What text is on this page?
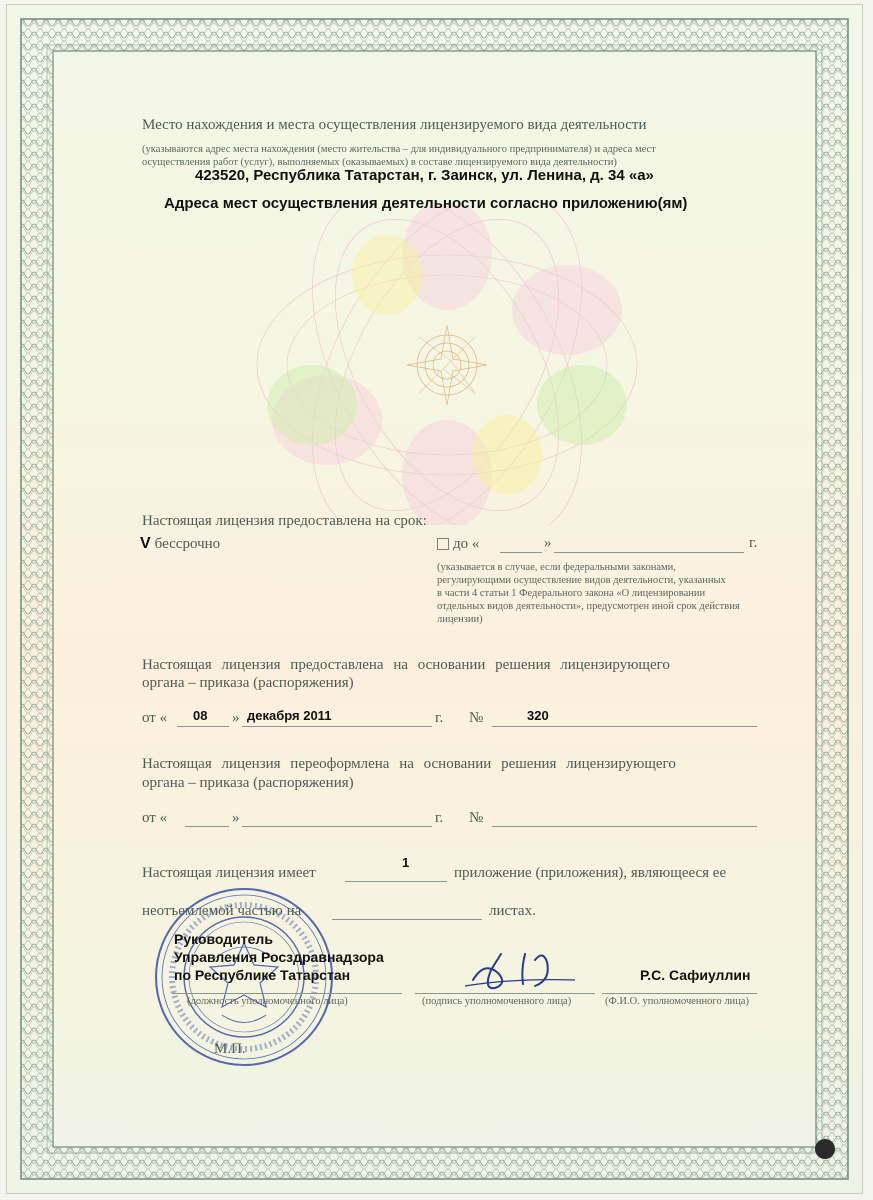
Место нахождения и места осуществления лицензируемого вида деятельности
(указываются адрес места нахождения (место жительства – для индивидуального предпринимателя) и адреса мест
осуществления работ (услуг), выполняемых (оказываемых) в составе лицензируемого вида деятельности)
423520, Республика Татарстан, г. Заинск, ул. Ленина, д. 34 «а»
Адреса мест осуществления деятельности согласно приложению(ям)
Настоящая лицензия предоставлена на срок:
V бессрочно	до «	»	г.
(указывается в случае, если федеральными законами,
регулирующими осуществление видов деятельности, указанных
в части 4 статьи 1 Федерального закона «О лицензировании
отдельных видов деятельности», предусмотрен иной срок действия
лицензии)
Настоящая лицензия предоставлена на основании решения лицензирующего
органа – приказа (распоряжения)
от « 08 » декабря 2011	г. №	320
Настоящая лицензия переоформлена на основании решения лицензирующего
органа – приказа (распоряжения)
от «	»	г. №
Настоящая лицензия имеет
1
приложение (приложения), являющееся ее
неотъемлемой частью на	листах.
Руководитель
Управления Росздравнадзора
по Республике Татарстан	Р.С. Сафиуллин
(должность уполномоченного лица)	(подпись уполномоченного лица)	(Ф.И.О. уполномоченного лица)
М.П.
